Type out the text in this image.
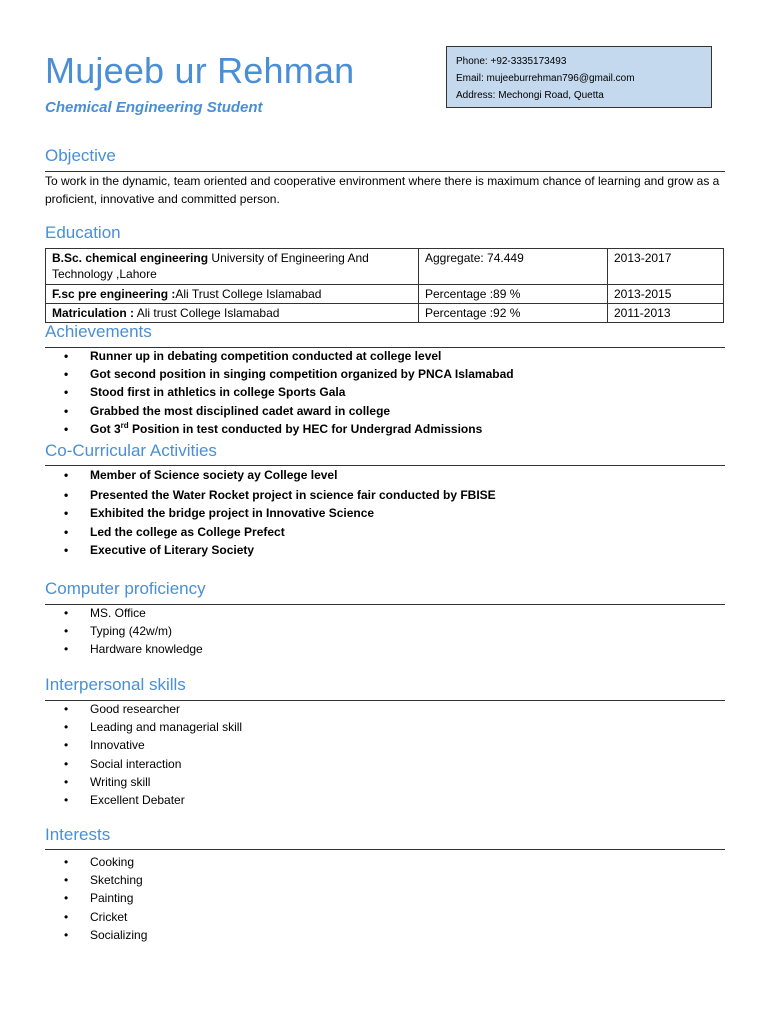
Mujeeb ur Rehman
Chemical Engineering Student
Phone: +92-3335173493
Email: mujeeburrehman796@gmail.com
Address: Mechongi Road, Quetta
Objective
To work in the dynamic, team oriented and cooperative environment where there is maximum chance of learning and grow as a proficient, innovative and committed person.
Education
B.Sc. chemical engineering University of Engineering And Technology ,Lahore	Aggregate: 74.449	2013-2017
F.sc pre engineering :Ali Trust College Islamabad	Percentage :89 %	2013-2015
Matriculation : Ali trust College Islamabad	Percentage :92 %	2011-2013
Achievements
• Runner up in debating competition conducted at college level
• Got second position in singing competition organized by PNCA Islamabad
• Stood first in athletics in college Sports Gala
• Grabbed the most disciplined cadet award in college
• Got 3rd Position in test conducted by HEC for Undergrad Admissions
Co-Curricular Activities
• Member of Science society ay College level
• Presented the Water Rocket project in science fair conducted by FBISE
• Exhibited the bridge project in Innovative Science
• Led the college as College Prefect
• Executive of Literary Society
Computer proficiency
• MS. Office
• Typing (42w/m)
• Hardware knowledge
Interpersonal skills
• Good researcher
• Leading and managerial skill
• Innovative
• Social interaction
• Writing skill
• Excellent Debater
Interests
• Cooking
• Sketching
• Painting
• Cricket
• Socializing
